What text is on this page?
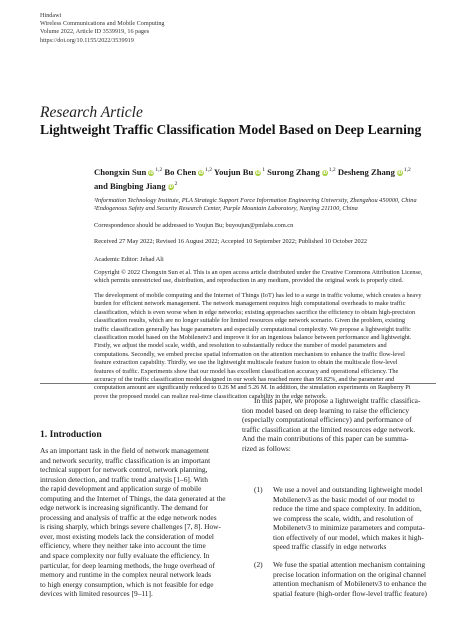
Hindawi
Wireless Communications and Mobile Computing
Volume 2022, Article ID 3539919, 16 pages
https://doi.org/10.1155/2022/3539919
Research Article
Lightweight Traffic Classification Model Based on Deep Learning
Chongxin Sun iD $^{1,2}$ Bo Chen iD $^{1,2}$ Youjun Bu iD $^1$ Surong Zhang iD $^{1,2}$ Desheng Zhang iD $^{1,2}$
and Bingbing Jiang iD $^2$
¹Information Technology Institute, PLA Strategic Support Force Information Engineering University, Zhengzhou 450000, China
²Endogenous Safety and Security Research Center, Purple Mountain Laboratory, Nanjing 211100, China
Correspondence should be addressed to Youjun Bu; buyoujun@pmlabs.com.cn
Received 27 May 2022; Revised 16 August 2022; Accepted 10 September 2022; Published 10 October 2022
Academic Editor: Jehad Ali
Copyright © 2022 Chongxin Sun et al. This is an open access article distributed under the Creative Commons Attribution License,
which permits unrestricted use, distribution, and reproduction in any medium, provided the original work is properly cited.
The development of mobile computing and the Internet of Things (IoT) has led to a surge in traffic volume, which creates a heavy
burden for efficient network management. The network management requires high computational overheads to make traffic
classification, which is even worse when in edge networks; existing approaches sacrifice the efficiency to obtain high-precision
classification results, which are no longer suitable for limited resources edge network scenario. Given the problem, existing
traffic classification generally has huge parameters and especially computational complexity. We propose a lightweight traffic
classification model based on the Mobilenetv3 and improve it for an ingenious balance between performance and lightweight.
Firstly, we adjust the model scale, width, and resolution to substantially reduce the number of model parameters and
computations. Secondly, we embed precise spatial information on the attention mechanism to enhance the traffic flow-level
feature extraction capability. Thirdly, we use the lightweight multiscale feature fusion to obtain the multiscale flow-level
features of traffic. Experiments show that our model has excellent classification accuracy and operational efficiency. The
accuracy of the traffic classification model designed in our work has reached more than 99.82%, and the parameter and
computation amount are significantly reduced to 0.26 M and 5.26 M. In addition, the simulation experiments on Raspberry Pi
prove the proposed model can realize real-time classification capability in the edge network.
1. Introduction
As an important task in the field of network management
and network security, traffic classification is an important
technical support for network control, network planning,
intrusion detection, and traffic trend analysis [1–6]. With
the rapid development and application surge of mobile
computing and the Internet of Things, the data generated at the
edge network is increasing significantly. The demand for
processing and analysis of traffic at the edge network nodes
is rising sharply, which brings severe challenges [7, 8]. How-
ever, most existing models lack the consideration of model
efficiency, where they neither take into account the time
and space complexity nor fully evaluate the efficiency. In
particular, for deep learning methods, the huge overhead of
memory and runtime in the complex neural network leads
to high energy consumption, which is not feasible for edge
devices with limited resources [9–11].
In this paper, we propose a lightweight traffic classifica-
tion model based on deep learning to raise the efficiency
(especially computational efficiency) and performance of
traffic classification at the limited resources edge network.
And the main contributions of this paper can be summa-
rized as follows:
(1) We use a novel and outstanding lightweight model
Mobilenetv3 as the basic model of our model to
reduce the time and space complexity. In addition,
we compress the scale, width, and resolution of
Mobilenetv3 to minimize parameters and computa-
tion effectively of our model, which makes it high-
speed traffic classify in edge networks
(2) We fuse the spatial attention mechanism containing
precise location information on the original channel
attention mechanism of Mobilenetv3 to enhance the
spatial feature (high-order flow-level traffic feature)
